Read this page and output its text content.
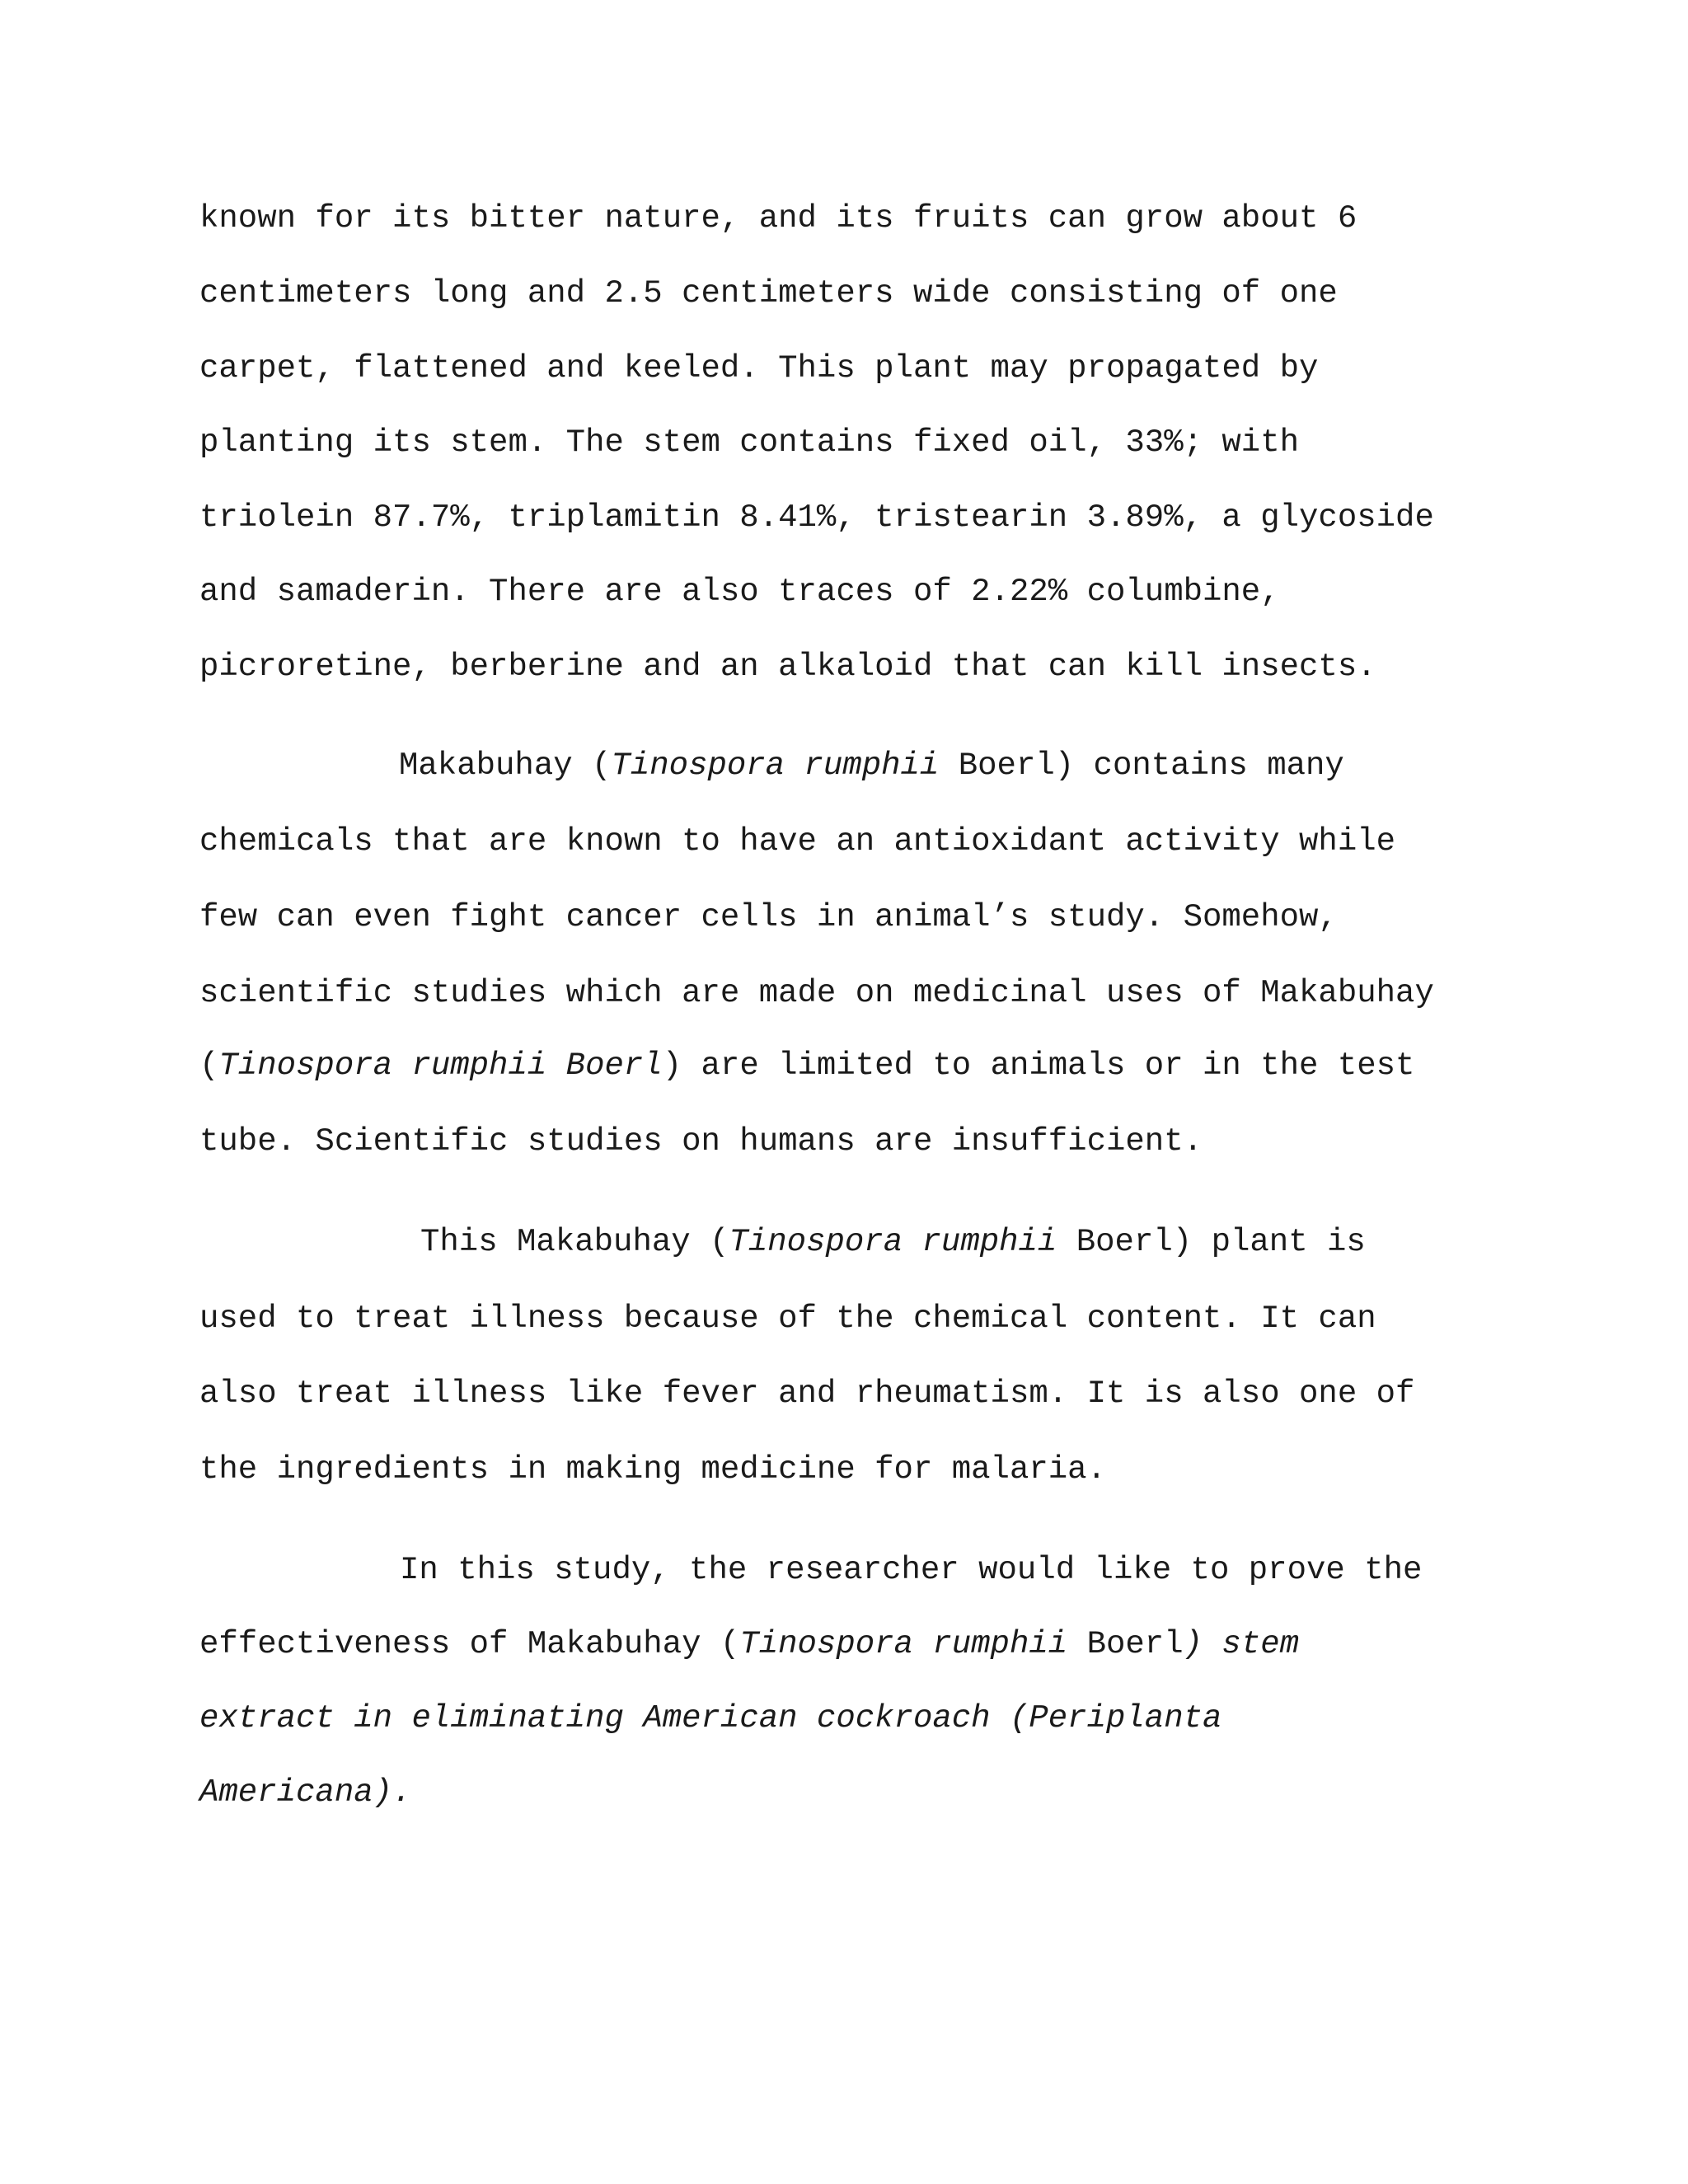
known for its bitter nature, and its fruits can grow about 6
centimeters long and 2.5 centimeters wide consisting of one
carpet, flattened and keeled. This plant may propagated by
planting its stem. The stem contains fixed oil, 33%; with
triolein 87.7%, triplamitin 8.41%, tristearin 3.89%, a glycoside
and samaderin. There are also traces of 2.22% columbine,
picroretine, berberine and an alkaloid that can kill insects.
Makabuhay (Tinospora rumphii Boerl) contains many
chemicals that are known to have an antioxidant activity while
few can even fight cancer cells in animal’s study. Somehow,
scientific studies which are made on medicinal uses of Makabuhay
(Tinospora rumphii Boerl) are limited to animals or in the test
tube. Scientific studies on humans are insufficient.
This Makabuhay (Tinospora rumphii Boerl) plant is
used to treat illness because of the chemical content. It can
also treat illness like fever and rheumatism. It is also one of
the ingredients in making medicine for malaria.
In this study, the researcher would like to prove the
effectiveness of Makabuhay (Tinospora rumphii Boerl) stem
extract in eliminating American cockroach (Periplanta
Americana).
